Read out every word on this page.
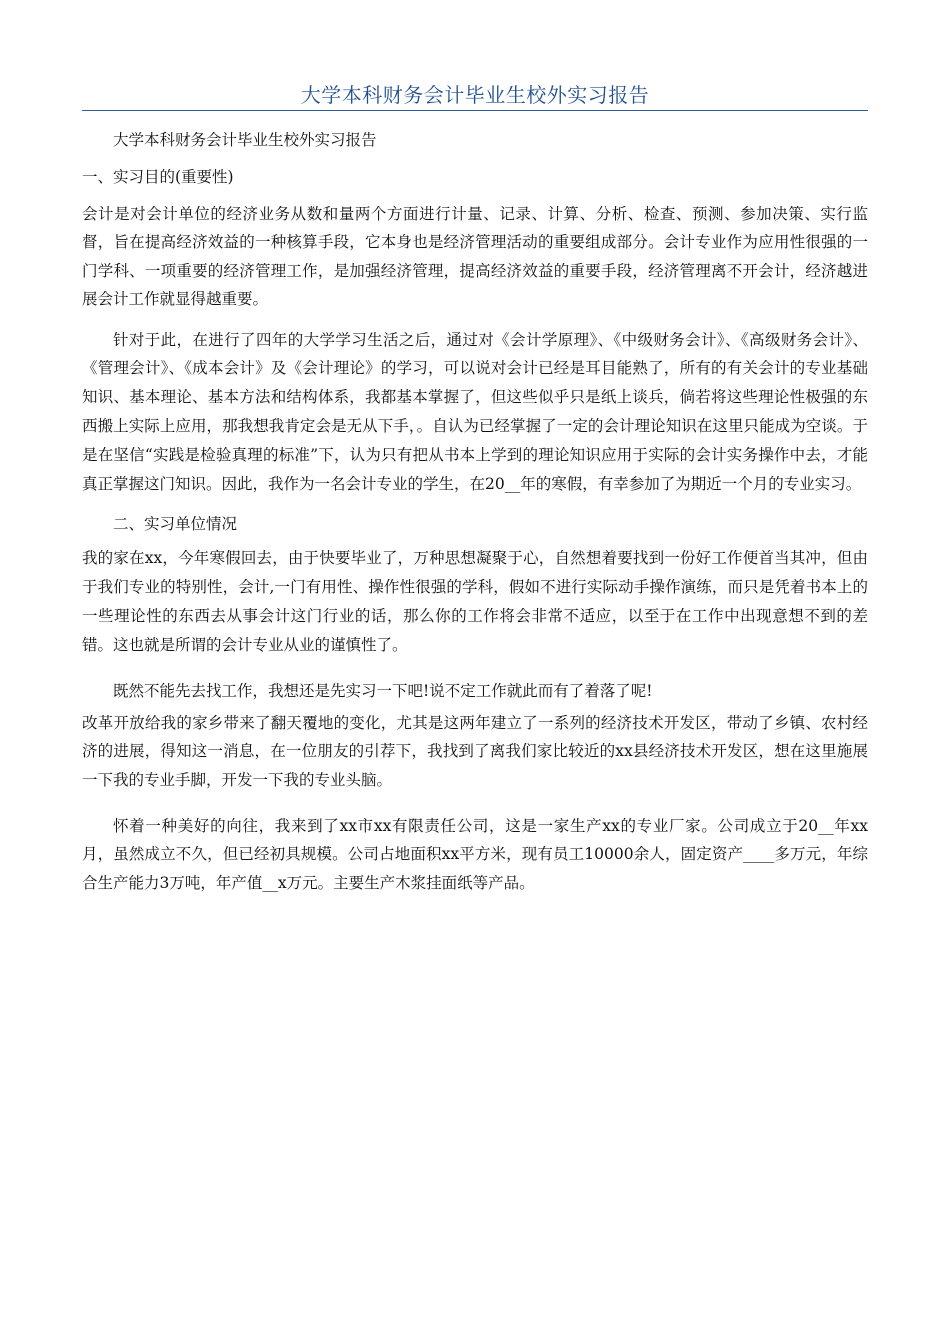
大学本科财务会计毕业生校外实习报告

大学本科财务会计毕业生校外实习报告

一、实习目的(重要性)

会计是对会计单位的经济业务从数和量两个方面进行计量、记录、计算、分析、检查、预测、参加决策、实行监督，旨在提高经济效益的一种核算手段，它本身也是经济管理活动的重要组成部分。会计专业作为应用性很强的一门学科、一项重要的经济管理工作，是加强经济管理，提高经济效益的重要手段，经济管理离不开会计，经济越进展会计工作就显得越重要。

针对于此，在进行了四年的大学学习生活之后，通过对《会计学原理》、《中级财务会计》、《高级财务会计》、《管理会计》、《成本会计》及《会计理论》的学习，可以说对会计已经是耳目能熟了，所有的有关会计的专业基础知识、基本理论、基本方法和结构体系，我都基本掌握了，但这些似乎只是纸上谈兵，倘若将这些理论性极强的东西搬上实际上应用，那我想我肯定会是无从下手，。自认为已经掌握了一定的会计理论知识在这里只能成为空谈。于是在坚信“实践是检验真理的标准”下，认为只有把从书本上学到的理论知识应用于实际的会计实务操作中去，才能真正掌握这门知识。因此，我作为一名会计专业的学生，在20__年的寒假，有幸参加了为期近一个月的专业实习。

二、实习单位情况

我的家在xx，今年寒假回去，由于快要毕业了，万种思想凝聚于心，自然想着要找到一份好工作便首当其冲，但由于我们专业的特别性，会计,一门有用性、操作性很强的学科，假如不进行实际动手操作演练，而只是凭着书本上的一些理论性的东西去从事会计这门行业的话，那么你的工作将会非常不适应，以至于在工作中出现意想不到的差错。这也就是所谓的会计专业从业的谨慎性了。

既然不能先去找工作，我想还是先实习一下吧!说不定工作就此而有了着落了呢!

改革开放给我的家乡带来了翻天覆地的变化，尤其是这两年建立了一系列的经济技术开发区，带动了乡镇、农村经济的进展，得知这一消息，在一位朋友的引荐下，我找到了离我们家比较近的xx县经济技术开发区，想在这里施展一下我的专业手脚，开发一下我的专业头脑。

怀着一种美好的向往，我来到了xx市xx有限责任公司，这是一家生产xx的专业厂家。公司成立于20__年xx月，虽然成立不久，但已经初具规模。公司占地面积xx平方米，现有员工10000余人，固定资产____多万元，年综合生产能力3万吨，年产值__x万元。主要生产木浆挂面纸等产品。
